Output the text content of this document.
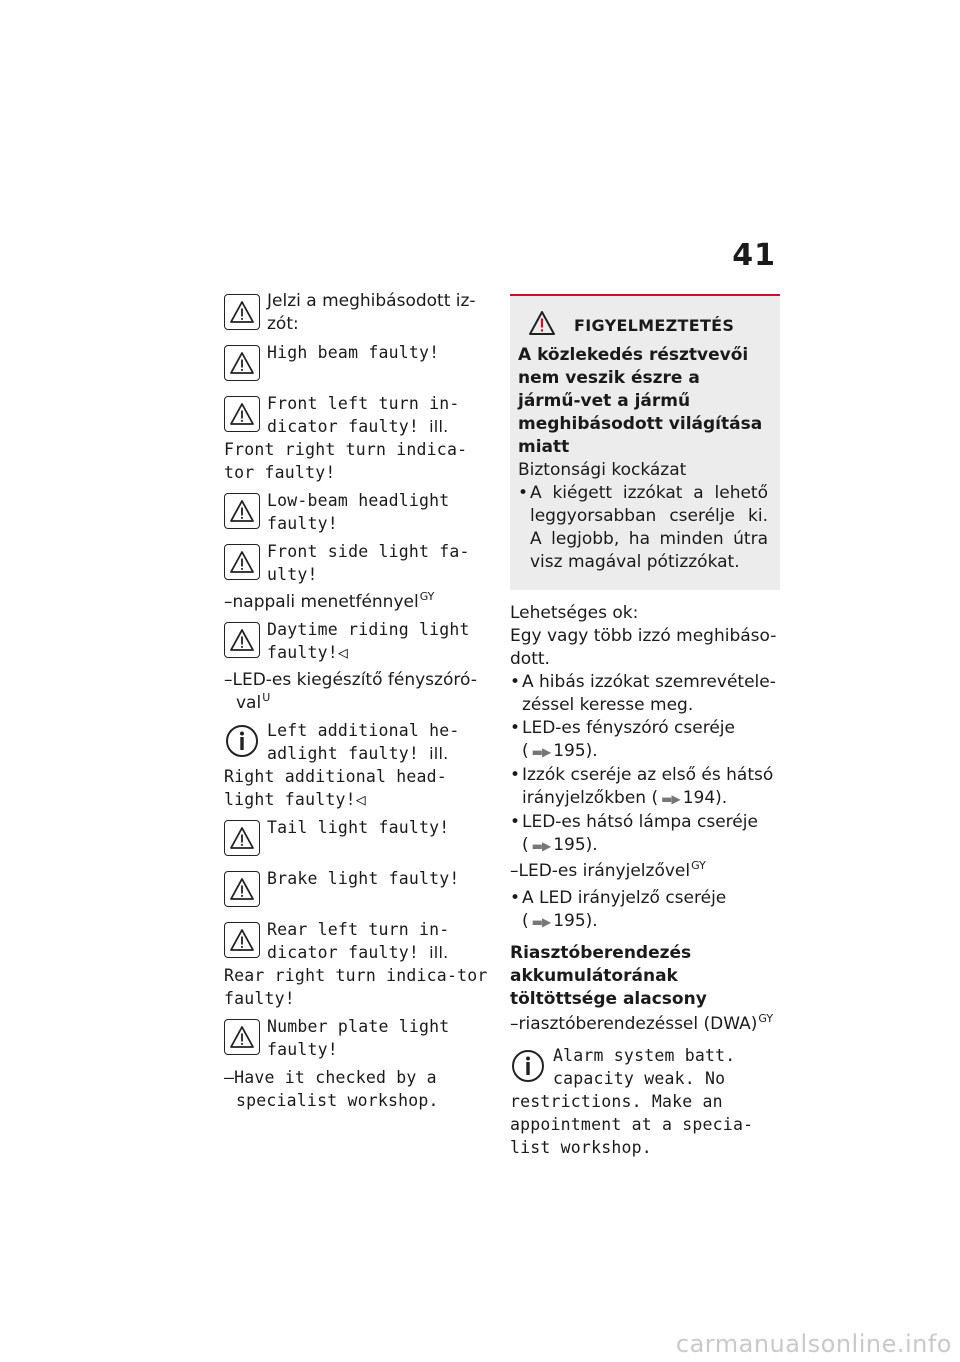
41
Jelzi a meghibásodott iz-zót:
High beam faulty!
Front left turn in-dicator faulty! ill.
Front right turn indica-tor faulty!
Low-beam headlight faulty!
Front side light fa-ulty!
–nappali menetfénnyel$^{GY}$
Daytime riding light faulty!◁
–LED-es kiegészítő fényszóró-val$^U$
Left additional he-adlight faulty! ill.
Right additional head-light faulty!◁
Tail light faulty!
Brake light faulty!
Rear left turn in-dicator faulty! ill.
Rear right turn indica-tor faulty!
Number plate light faulty!
–Have it checked by a specialist workshop.
FIGYELMEZTETÉS
A közlekedés résztvevői nem veszik észre a jármű-vet a jármű meghibásodott világítása miatt
Biztonsági kockázat
• A kiégett izzókat a lehető leggyorsabban cserélje ki. A legjobb, ha minden útra visz magával pótizzókat.
Lehetséges ok:
Egy vagy több izzó meghibáso-dott.
• A hibás izzókat szemrevétele-zéssel keresse meg.
• LED-es fényszóró cseréje
( ▬▶ 195).
• Izzók cseréje az első és hátsó irányjelzőkben ( ▬▶ 194).
• LED-es hátsó lámpa cseréje
( ▬▶ 195).
–LED-es irányjelzővel$^{GY}$
• A LED irányjelző cseréje
( ▬▶ 195).
Riasztóberendezés akkumulátorának töltöttsége alacsony
–riasztóberendezéssel (DWA)$^{GY}$
Alarm system batt. capacity weak. No
restrictions. Make an appointment at a specia-list workshop.
carmanualsonline.info
